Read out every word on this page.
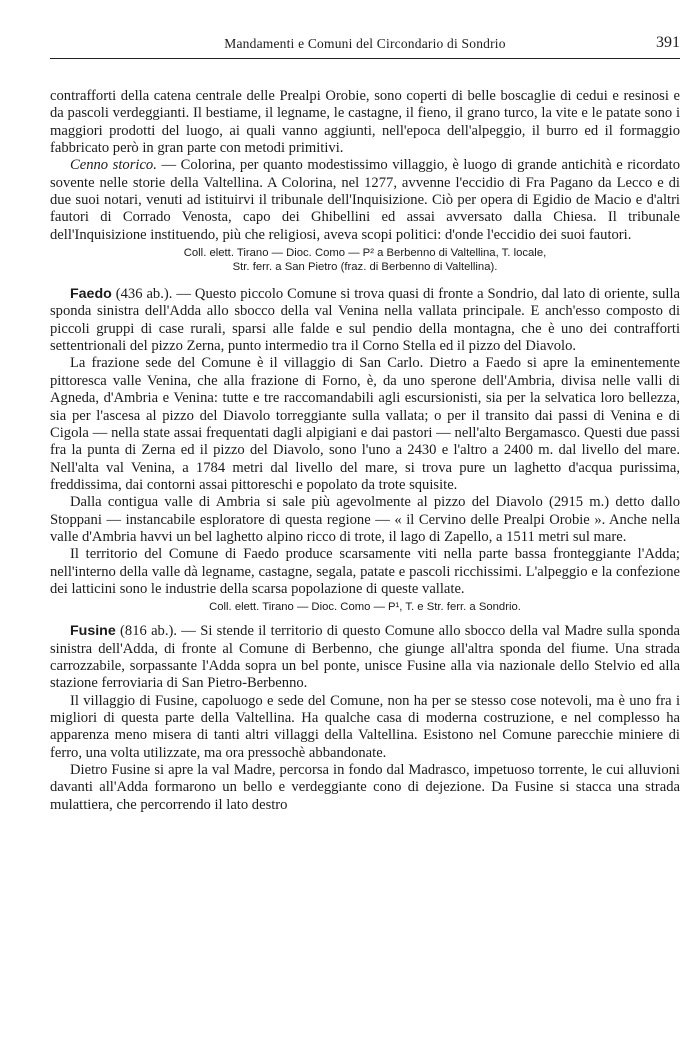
Mandamenti e Comuni del Circondario di Sondrio	391

contrafforti della catena centrale delle Prealpi Orobie, sono coperti di belle boscaglie di cedui e resinosi e da pascoli verdeggianti. Il bestiame, il legname, le castagne, il fieno, il grano turco, la vite e le patate sono i maggiori prodotti del luogo, ai quali vanno aggiunti, nell'epoca dell'alpeggio, il burro ed il formaggio fabbricato però in gran parte con metodi primitivi.

Cenno storico. — Colorina, per quanto modestissimo villaggio, è luogo di grande antichità e ricordato sovente nelle storie della Valtellina. A Colorina, nel 1277, avvenne l'eccidio di Fra Pagano da Lecco e di due suoi notari, venuti ad istituirvi il tribunale dell'Inquisizione. Ciò per opera di Egidio de Macio e d'altri fautori di Corrado Venosta, capo dei Ghibellini ed assai avversato dalla Chiesa. Il tribunale dell'Inquisizione instituendo, più che religiosi, aveva scopi politici: d'onde l'eccidio dei suoi fautori.

Coll. elett. Tirano — Dioc. Como — P² a Berbenno di Valtellina, T. locale,
Str. ferr. a San Pietro (fraz. di Berbenno di Valtellina).

Faedo (436 ab.). — Questo piccolo Comune si trova quasi di fronte a Sondrio, dal lato di oriente, sulla sponda sinistra dell'Adda allo sbocco della val Venina nella vallata principale. E anch'esso composto di piccoli gruppi di case rurali, sparsi alle falde e sul pendio della montagna, che è uno dei contrafforti settentrionali del pizzo Zerna, punto intermedio tra il Corno Stella ed il pizzo del Diavolo.

La frazione sede del Comune è il villaggio di San Carlo. Dietro a Faedo si apre la eminentemente pittoresca valle Venina, che alla frazione di Forno, è, da uno sperone dell'Ambria, divisa nelle valli di Agneda, d'Ambria e Venina: tutte e tre raccomandabili agli escursionisti, sia per la selvatica loro bellezza, sia per l'ascesa al pizzo del Diavolo torreggiante sulla vallata; o per il transito dai passi di Venina e di Cigola — nella state assai frequentati dagli alpigiani e dai pastori — nell'alto Bergamasco. Questi due passi fra la punta di Zerna ed il pizzo del Diavolo, sono l'uno a 2430 e l'altro a 2400 m. dal livello del mare. Nell'alta val Venina, a 1784 metri dal livello del mare, si trova pure un laghetto d'acqua purissima, freddissima, dai contorni assai pittoreschi e popolato da trote squisite.

Dalla contigua valle di Ambria si sale più agevolmente al pizzo del Diavolo (2915 m.) detto dallo Stoppani — instancabile esploratore di questa regione — « il Cervino delle Prealpi Orobie ». Anche nella valle d'Ambria havvi un bel laghetto alpino ricco di trote, il lago di Zapello, a 1511 metri sul mare.

Il territorio del Comune di Faedo produce scarsamente viti nella parte bassa fronteggiante l'Adda; nell'interno della valle dà legname, castagne, segala, patate e pascoli ricchissimi. L'alpeggio e la confezione dei latticini sono le industrie della scarsa popolazione di queste vallate.

Coll. elett. Tirano — Dioc. Como — P¹, T. e Str. ferr. a Sondrio.

Fusine (816 ab.). — Si stende il territorio di questo Comune allo sbocco della val Madre sulla sponda sinistra dell'Adda, di fronte al Comune di Berbenno, che giunge all'altra sponda del fiume. Una strada carrozzabile, sorpassante l'Adda sopra un bel ponte, unisce Fusine alla via nazionale dello Stelvio ed alla stazione ferroviaria di San Pietro-Berbenno.

Il villaggio di Fusine, capoluogo e sede del Comune, non ha per se stesso cose notevoli, ma è uno fra i migliori di questa parte della Valtellina. Ha qualche casa di moderna costruzione, e nel complesso ha apparenza meno misera di tanti altri villaggi della Valtellina. Esistono nel Comune parecchie miniere di ferro, una volta utilizzate, ma ora pressochè abbandonate.

Dietro Fusine si apre la val Madre, percorsa in fondo dal Madrasco, impetuoso torrente, le cui alluvioni davanti all'Adda formarono un bello e verdeggiante cono di dejezione. Da Fusine si stacca una strada mulattiera, che percorrendo il lato destro
